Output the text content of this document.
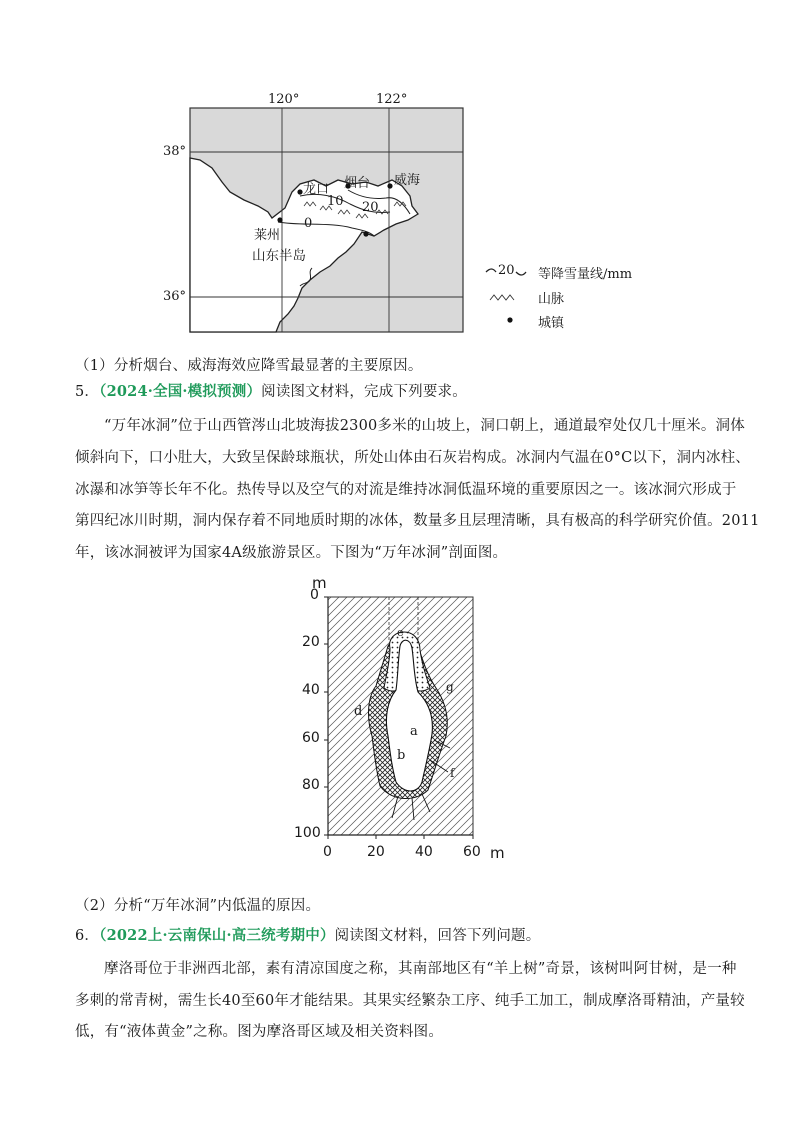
120°	122°
38°
36°
龙口 烟台 威海
莱州
10 20
0
山东半岛
20 等降雪量线/mm
山脉
城镇
（1）分析烟台、威海海效应降雪最显著的主要原因。
5．（2024·全国·模拟预测）阅读图文材料，完成下列要求。
“万年冰洞”位于山西管涔山北坡海拔2300多米的山坡上，洞口朝上，通道最窄处仅几十厘米。洞体
倾斜向下，口小肚大，大致呈保龄球瓶状，所处山体由石灰岩构成。冰洞内气温在0°C以下，洞内冰柱、
冰瀑和冰笋等长年不化。热传导以及空气的对流是维持冰洞低温环境的重要原因之一。该冰洞穴形成于
第四纪冰川时期，洞内保存着不同地质时期的冰体，数量多且层理清晰，具有极高的科学研究价值。2011
年，该冰洞被评为国家4A级旅游景区。下图为“万年冰洞”剖面图。
m
0
20
40
60
80
100
0	20 40 60 m
e
g
d
a
b
f
（2）分析“万年冰洞”内低温的原因。
6．（2022上·云南保山·高三统考期中）阅读图文材料，回答下列问题。
摩洛哥位于非洲西北部，素有清凉国度之称，其南部地区有“羊上树”奇景，该树叫阿甘树，是一种
多刺的常青树，需生长40至60年才能结果。其果实经繁杂工序、纯手工加工，制成摩洛哥精油，产量较
低，有“液体黄金”之称。图为摩洛哥区域及相关资料图。
